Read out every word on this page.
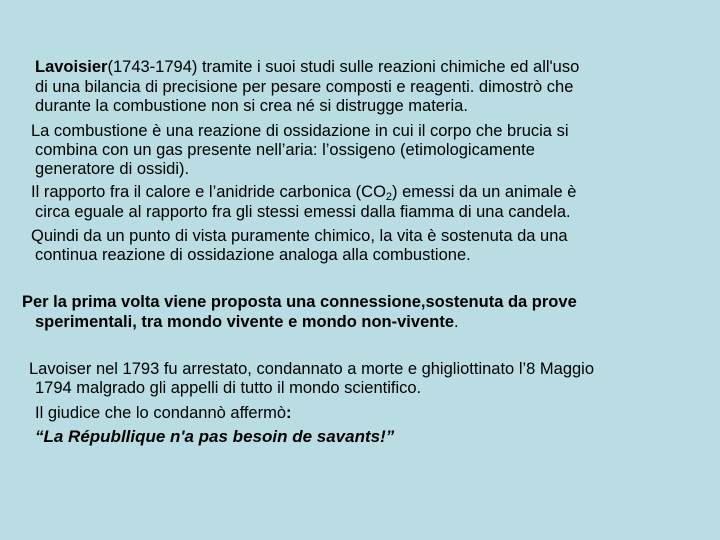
Lavoisier(1743-1794) tramite i suoi studi sulle reazioni chimiche ed all'uso
di una bilancia di precisione per pesare composti e reagenti. dimostrò che
durante la combustione non si crea né si distrugge materia.
La combustione è una reazione di ossidazione in cui il corpo che brucia si
combina con un gas presente nell’aria: l’ossigeno (etimologicamente
generatore di ossidi).
Il rapporto fra il calore e l’anidride carbonica $(CO_2)$ emessi da un animale è
circa eguale al rapporto fra gli stessi emessi dalla fiamma di una candela.
Quindi da un punto di vista puramente chimico, la vita è sostenuta da una
continua reazione di ossidazione analoga alla combustione.
Per la prima volta viene proposta una connessione,sostenuta da prove
sperimentali, tra mondo vivente e mondo non-vivente.
Lavoiser nel 1793 fu arrestato, condannato a morte e ghigliottinato l’8 Maggio
1794 malgrado gli appelli di tutto il mondo scientifico.
Il giudice che lo condannò affermò:
“La Républlique n'a pas besoin de savants!”
